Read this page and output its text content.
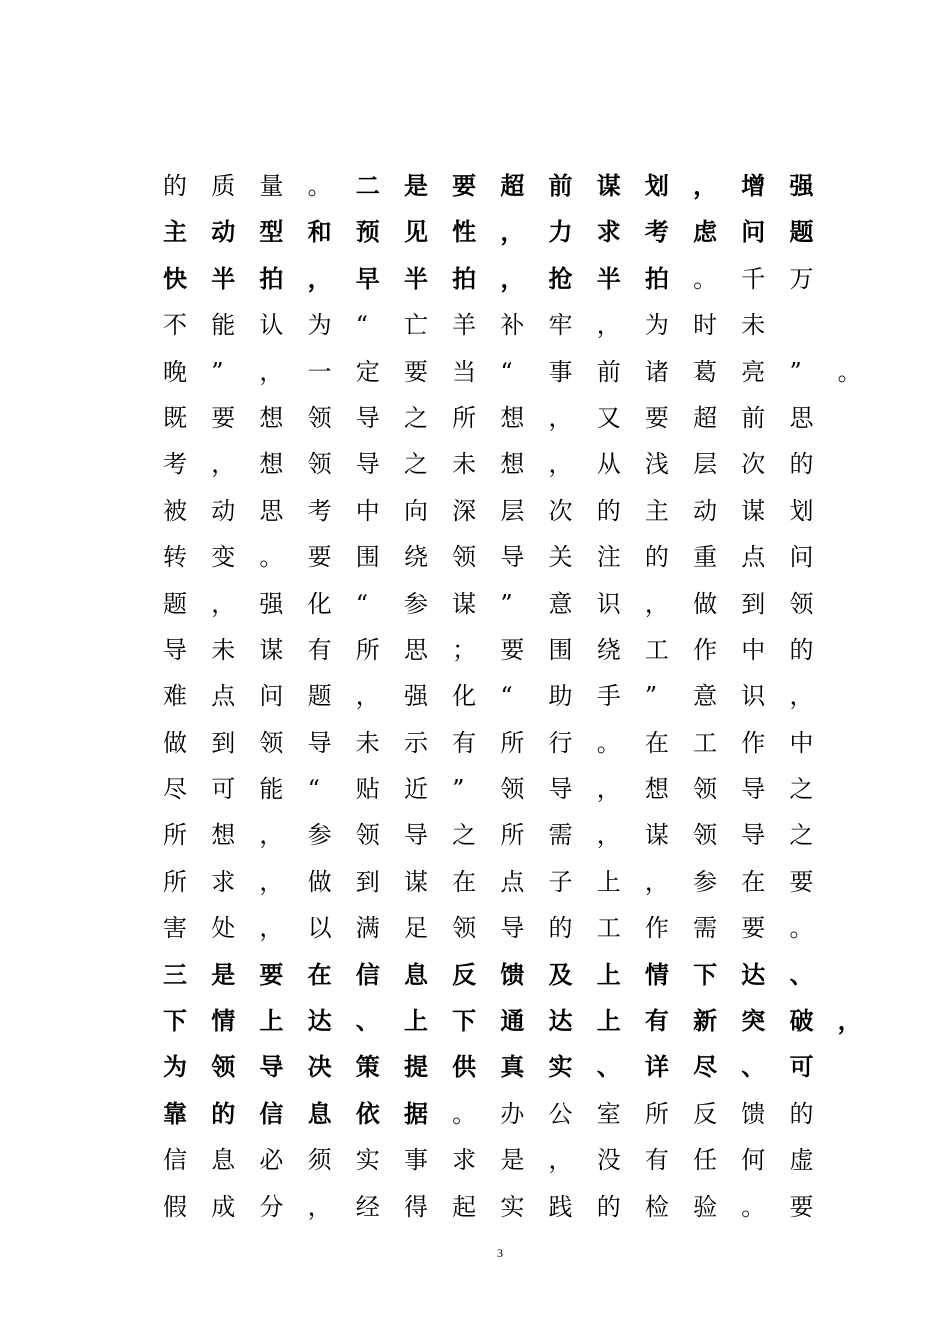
的 质 量 。 二 是 要 超 前 谋 划 ， 增 强
主 动 型 和 预 见 性 ， 力 求 考 虑 问 题
快 半 拍 ， 早 半 拍 ， 抢 半 拍 。 千 万
不 能 认 为 “ 亡 羊 补 牢 ， 为 时 未
晚 ” ， 一 定 要 当 “ 事 前 诸 葛 亮 ” 。
既 要 想 领 导 之 所 想 ， 又 要 超 前 思
考 ， 想 领 导 之 未 想 ， 从 浅 层 次 的
被 动 思 考 中 向 深 层 次 的 主 动 谋 划
转 变 。 要 围 绕 领 导 关 注 的 重 点 问
题 ， 强 化 “ 参 谋 ” 意 识 ， 做 到 领
导 未 谋 有 所 思 ； 要 围 绕 工 作 中 的
难 点 问 题 ， 强 化 “ 助 手 ” 意 识 ，
做 到 领 导 未 示 有 所 行 。 在 工 作 中
尽 可 能 “ 贴 近 ” 领 导 ， 想 领 导 之
所 想 ， 参 领 导 之 所 需 ， 谋 领 导 之
所 求 ， 做 到 谋 在 点 子 上 ， 参 在 要
害 处 ， 以 满 足 领 导 的 工 作 需 要 。
三 是 要 在 信 息 反 馈 及 上 情 下 达 、
下 情 上 达 、 上 下 通 达 上 有 新 突 破 ，
为 领 导 决 策 提 供 真 实 、 详 尽 、 可
靠 的 信 息 依 据 。 办 公 室 所 反 馈 的
信 息 必 须 实 事 求 是 ， 没 有 任 何 虚
假 成 分 ， 经 得 起 实 践 的 检 验 。 要
3
